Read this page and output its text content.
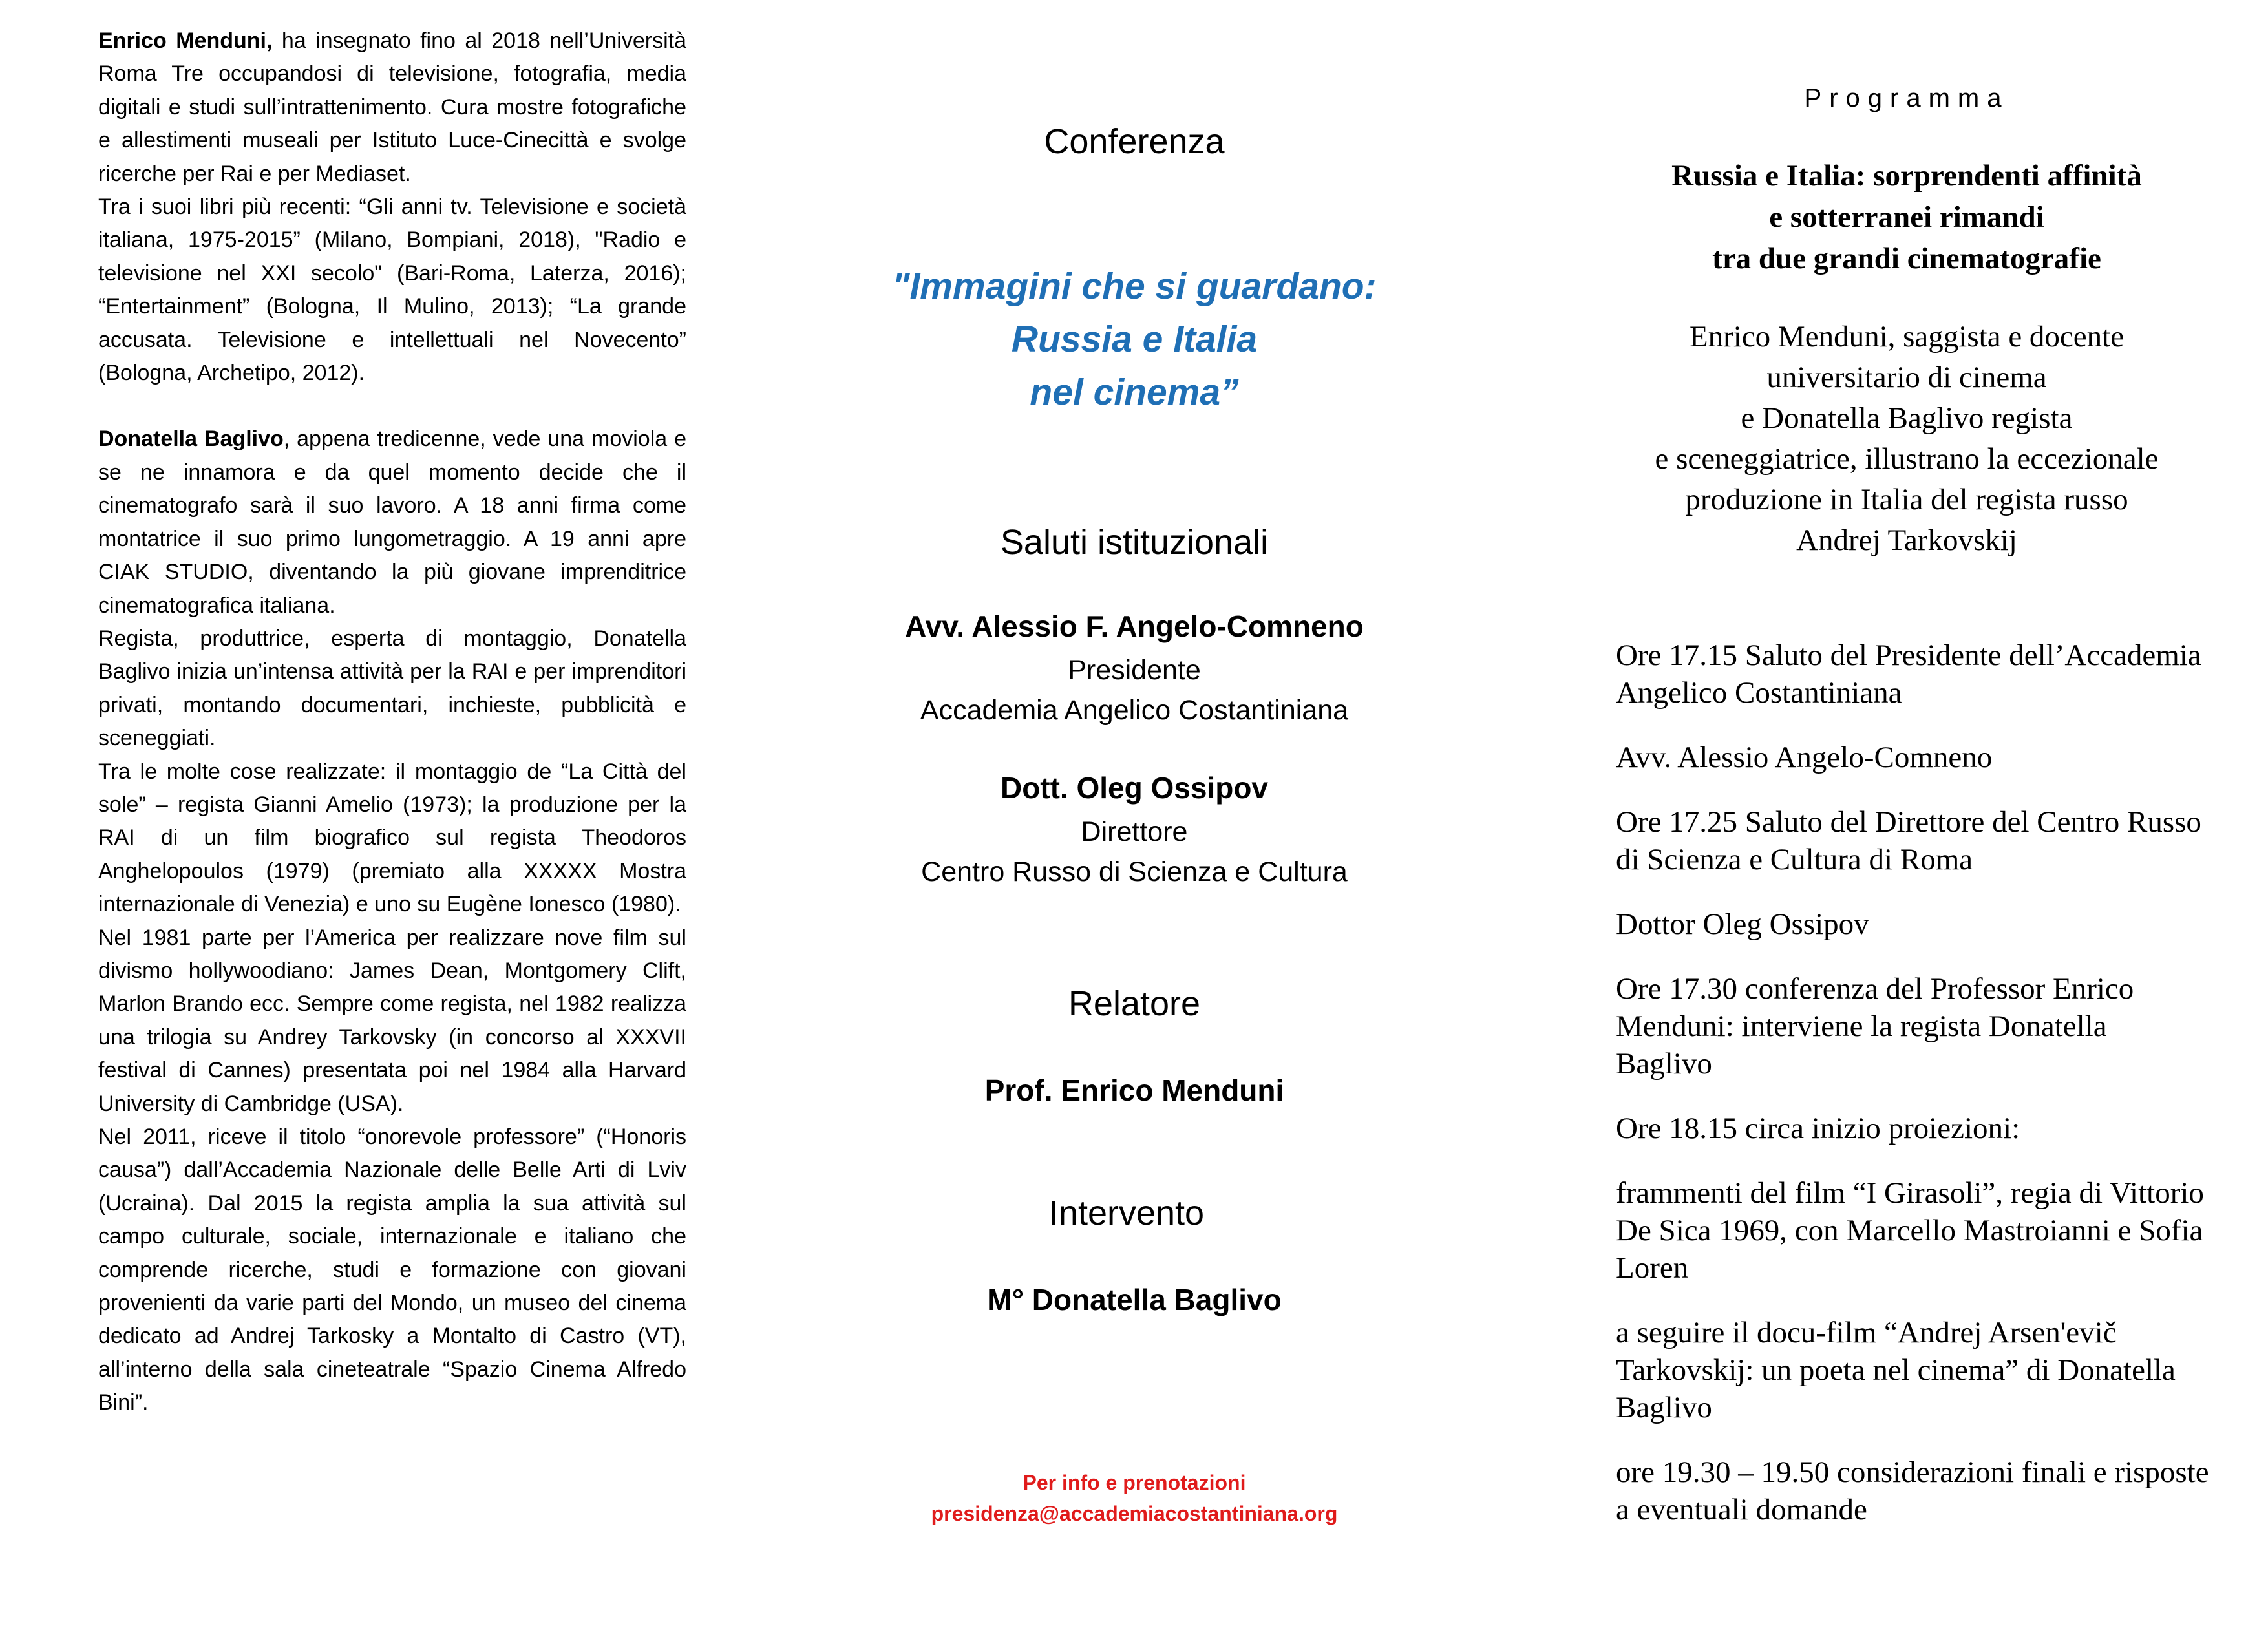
Enrico Menduni, ha insegnato fino al 2018 nell’Università Roma Tre occupandosi di televisione, fotografia, media digitali e studi sull’intrattenimento. Cura mostre fotografiche e allestimenti museali per Istituto Luce-Cinecittà e svolge ricerche per Rai e per Mediaset.

Tra i suoi libri più recenti: “Gli anni tv. Televisione e società italiana, 1975-2015” (Milano, Bompiani, 2018), "Radio e televisione nel XXI secolo" (Bari-Roma, Laterza, 2016); “Entertainment” (Bologna, Il Mulino, 2013); “La grande accusata. Televisione e intellettuali nel Novecento” (Bologna, Archetipo, 2012).

Donatella Baglivo, appena tredicenne, vede una moviola e se ne innamora e da quel momento decide che il cinematografo sarà il suo lavoro. A 18 anni firma come montatrice il suo primo lungometraggio. A 19 anni apre CIAK STUDIO, diventando la più giovane imprenditrice cinematografica italiana.

Regista, produttrice, esperta di montaggio, Donatella Baglivo inizia un’intensa attività per la RAI e per imprenditori privati, montando documentari, inchieste, pubblicità e sceneggiati.

Tra le molte cose realizzate: il montaggio de “La Città del sole” – regista Gianni Amelio (1973); la produzione per la RAI di un film biografico sul regista Theodoros Anghelopoulos (1979) (premiato alla XXXXX Mostra internazionale di Venezia) e uno su Eugène Ionesco (1980).

Nel 1981 parte per l’America per realizzare nove film sul divismo hollywoodiano: James Dean, Montgomery Clift, Marlon Brando ecc. Sempre come regista, nel 1982 realizza una trilogia su Andrey Tarkovsky (in concorso al XXXVII festival di Cannes) presentata poi nel 1984 alla Harvard University di Cambridge (USA).

Nel 2011, riceve il titolo “onorevole professore” (“Honoris causa”) dall’Accademia Nazionale delle Belle Arti di Lviv (Ucraina). Dal 2015 la regista amplia la sua attività sul campo culturale, sociale, internazionale e italiano che comprende ricerche, studi e formazione con giovani provenienti da varie parti del Mondo, un museo del cinema dedicato ad Andrej Tarkosky a Montalto di Castro (VT), all’interno della sala cineteatrale “Spazio Cinema Alfredo Bini”.

Conferenza
"Immagini che si guardano:
Russia e Italia
nel cinema”
Saluti istituzionali
Avv. Alessio F. Angelo-Comneno
Presidente
Accademia Angelico Costantiniana
Dott. Oleg Ossipov
Direttore
Centro Russo di Scienza e Cultura
Relatore
Prof. Enrico Menduni
Intervento
M° Donatella Baglivo
Per info e prenotazioni
presidenza@accademiacostantiniana.org
Programma
Russia e Italia: sorprendenti affinità
e sotterranei rimandi
tra due grandi cinematografie
Enrico Menduni, saggista e docente
universitario di cinema
e Donatella Baglivo regista
e sceneggiatrice, illustrano la eccezionale
produzione in Italia del regista russo
Andrej Tarkovskij

Ore 17.15 Saluto del Presidente dell’Accademia Angelico Costantiniana

Avv. Alessio Angelo-Comneno

Ore 17.25 Saluto del Direttore del Centro Russo di Scienza e Cultura di Roma

Dottor Oleg Ossipov

Ore 17.30 conferenza del Professor Enrico Menduni: interviene la regista Donatella Baglivo

Ore 18.15 circa inizio proiezioni:

frammenti del film “I Girasoli”, regia di Vittorio De Sica 1969, con Marcello Mastroianni e Sofia Loren

a seguire il docu-film “Andrej Arsen'evič Tarkovskij: un poeta nel cinema” di Donatella Baglivo

ore 19.30 – 19.50 considerazioni finali e risposte a eventuali domande
